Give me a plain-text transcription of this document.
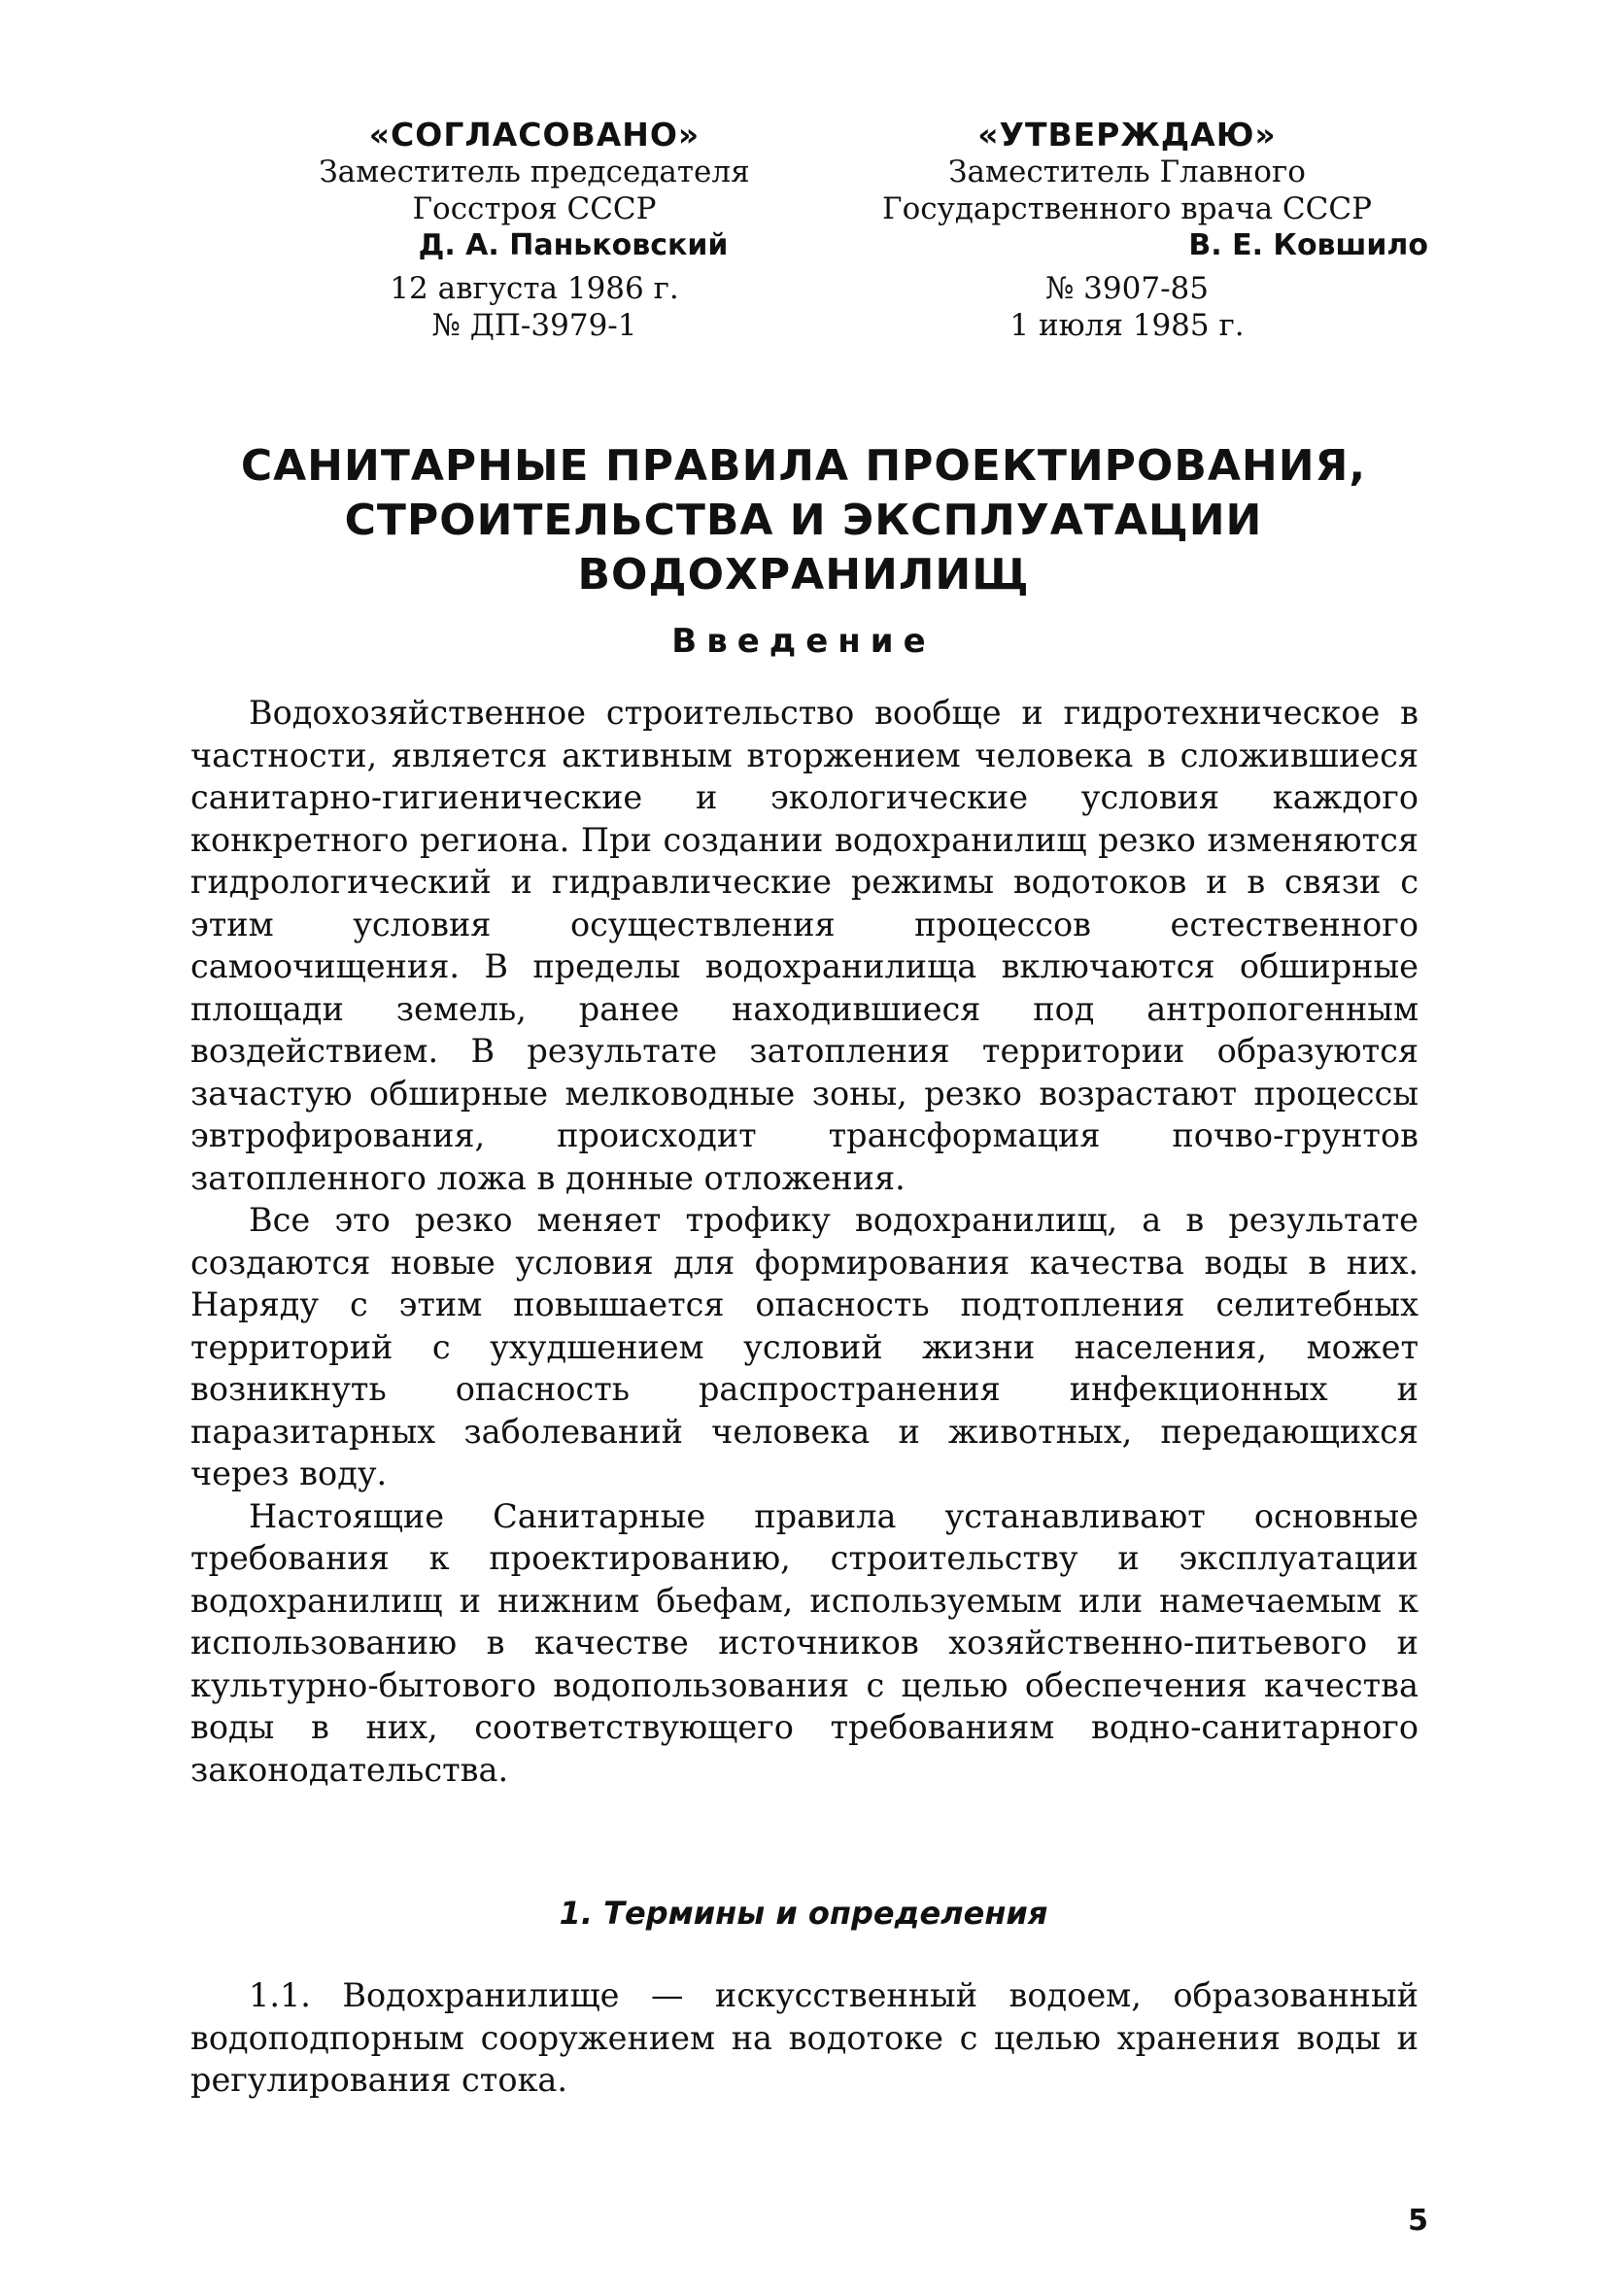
«СОГЛАСОВАНО»
Заместитель председателя
Госстроя СССР
Д. А. Паньковский
12 августа 1986 г.
№ ДП-3979-1
«УТВЕРЖДАЮ»
Заместитель Главного
Государственного врача СССР
В. Е. Ковшило
№ 3907-85
1 июля 1985 г.
САНИТАРНЫЕ ПРАВИЛА ПРОЕКТИРОВАНИЯ,
СТРОИТЕЛЬСТВА И ЭКСПЛУАТАЦИИ
ВОДОХРАНИЛИЩ
Введение

Водохозяйственное строительство вообще и гидротехническое в частности, является активным вторжением человека в сложившиеся санитарно-гигиенические и экологические условия каждого конкретного региона. При создании водохранилищ резко изменяются гидрологический и гидравлические режимы водотоков и в связи с этим условия осуществления процессов естественного самоочищения. В пределы водохранилища включаются обширные площади земель, ранее находившиеся под антропогенным воздействием. В результате затопления территории образуются зачастую обширные мелководные зоны, резко возрастают процессы эвтрофирования, происходит трансформация почво-грунтов затопленного ложа в донные отложения.

Все это резко меняет трофику водохранилищ, а в результате создаются новые условия для формирования качества воды в них. Наряду с этим повышается опасность подтопления селитебных территорий с ухудшением условий жизни населения, может возникнуть опасность распространения инфекционных и паразитарных заболеваний человека и животных, передающихся через воду.

Настоящие Санитарные правила устанавливают основные требования к проектированию, строительству и эксплуатации водохранилищ и нижним бьефам, используемым или намечаемым к использованию в качестве источников хозяйственно-питьевого и культурно-бытового водопользования с целью обеспечения качества воды в них, соответствующего требованиям водно-санитарного законодательства.

1. Термины и определения

1.1. Водохранилище — искусственный водоем, образованный водоподпорным сооружением на водотоке с целью хранения воды и регулирования стока.

5
